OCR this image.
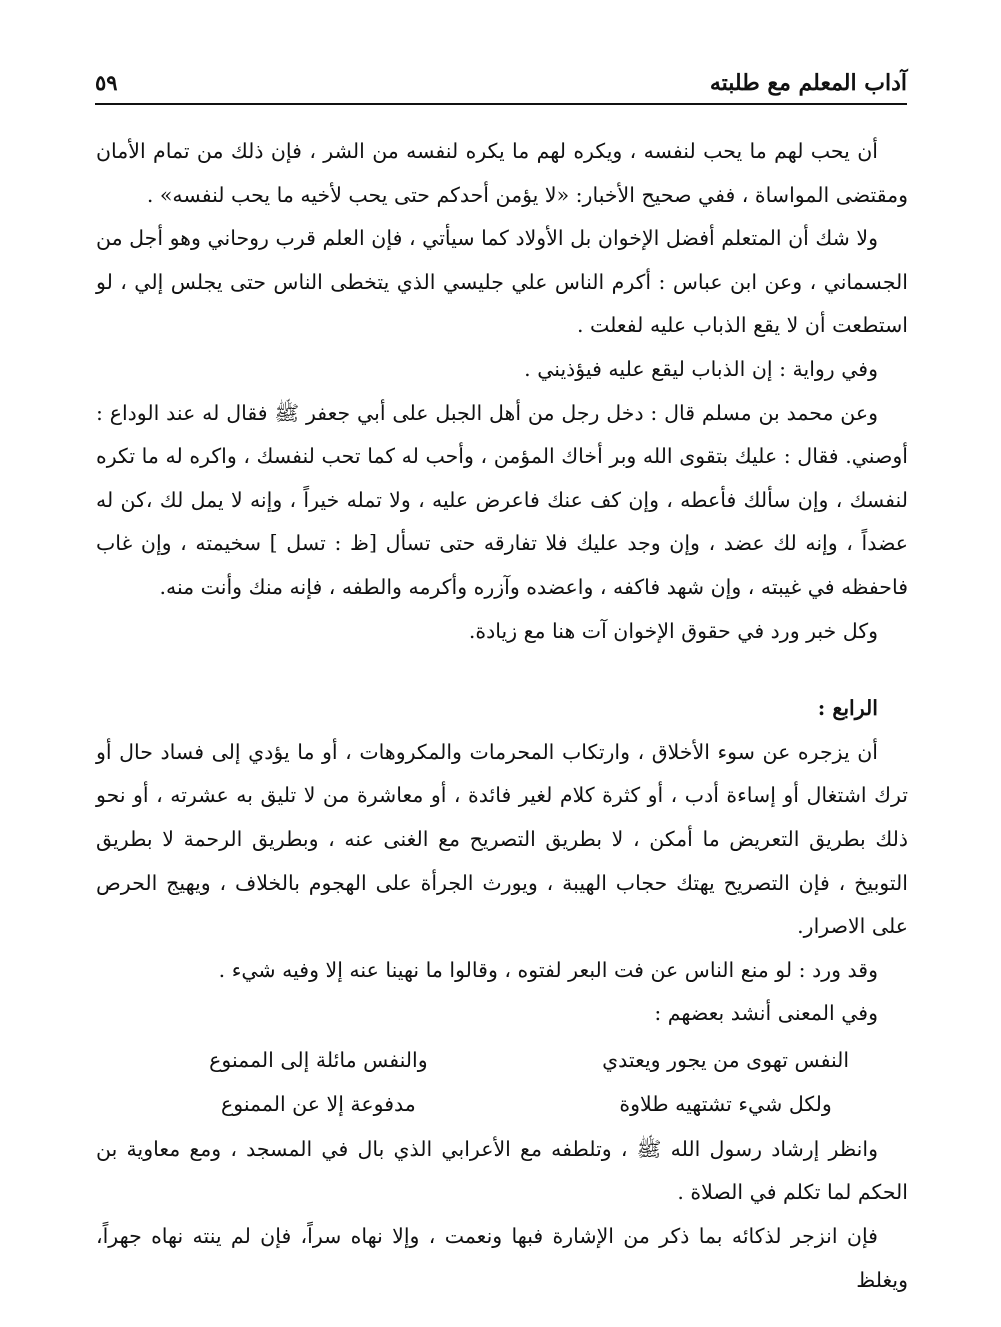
آداب المعلم مع طلبته
٥٩

أن يحب لهم ما يحب لنفسه ، ويكره لهم ما يكره لنفسه من الشر ، فإن ذلك من تمام الأمان ومقتضى المواساة ، ففي صحيح الأخبار: «لا يؤمن أحدكم حتى يحب لأخيه ما يحب لنفسه» .

ولا شك أن المتعلم أفضل الإخوان بل الأولاد كما سيأتي ، فإن العلم قرب روحاني وهو أجل من الجسماني ، وعن ابن عباس : أكرم الناس علي جليسي الذي يتخطى الناس حتى يجلس إلي ، لو استطعت أن لا يقع الذباب عليه لفعلت .

وفي رواية : إن الذباب ليقع عليه فيؤذيني .

وعن محمد بن مسلم قال : دخل رجل من أهل الجبل على أبي جعفر ﷺ فقال له عند الوداع : أوصني. فقال : عليك بتقوى الله وبر أخاك المؤمن ، وأحب له كما تحب لنفسك ، واكره له ما تكره لنفسك ، وإن سألك فأعطه ، وإن كف عنك فاعرض عليه ، ولا تمله خيراً ، وإنه لا يمل لك ،كن له عضداً ، وإنه لك عضد ، وإن وجد عليك فلا تفارقه حتى تسأل [ظ : تسل ] سخيمته ، وإن غاب فاحفظه في غيبته ، وإن شهد فاكفه ، واعضده وآزره وأكرمه والطفه ، فإنه منك وأنت منه.

وكل خبر ورد في حقوق الإخوان آت هنا مع زيادة.

الرابع :

أن يزجره عن سوء الأخلاق ، وارتكاب المحرمات والمكروهات ، أو ما يؤدي إلى فساد حال أو ترك اشتغال أو إساءة أدب ، أو كثرة كلام لغير فائدة ، أو معاشرة من لا تليق به عشرته ، أو نحو ذلك بطريق التعريض ما أمكن ، لا بطريق التصريح مع الغنى عنه ، وبطريق الرحمة لا بطريق التوبيخ ، فإن التصريح يهتك حجاب الهيبة ، ويورث الجرأة على الهجوم بالخلاف ، ويهيج الحرص على الاصرار.

وقد ورد : لو منع الناس عن فت البعر لفتوه ، وقالوا ما نهينا عنه إلا وفيه شيء .

وفي المعنى أنشد بعضهم :

النفس تهوى من يجور ويعتدي
والنفس مائلة إلى الممنوع
ولكل شيء تشتهيه طلاوة
مدفوعة إلا عن الممنوع

وانظر إرشاد رسول الله ﷺ ، وتلطفه مع الأعرابي الذي بال في المسجد ، ومع معاوية بن الحكم لما تكلم في الصلاة .

فإن انزجر لذكائه بما ذكر من الإشارة فبها ونعمت ، وإلا نهاه سراً، فإن لم ينته نهاه جهراً، ويغلظ
